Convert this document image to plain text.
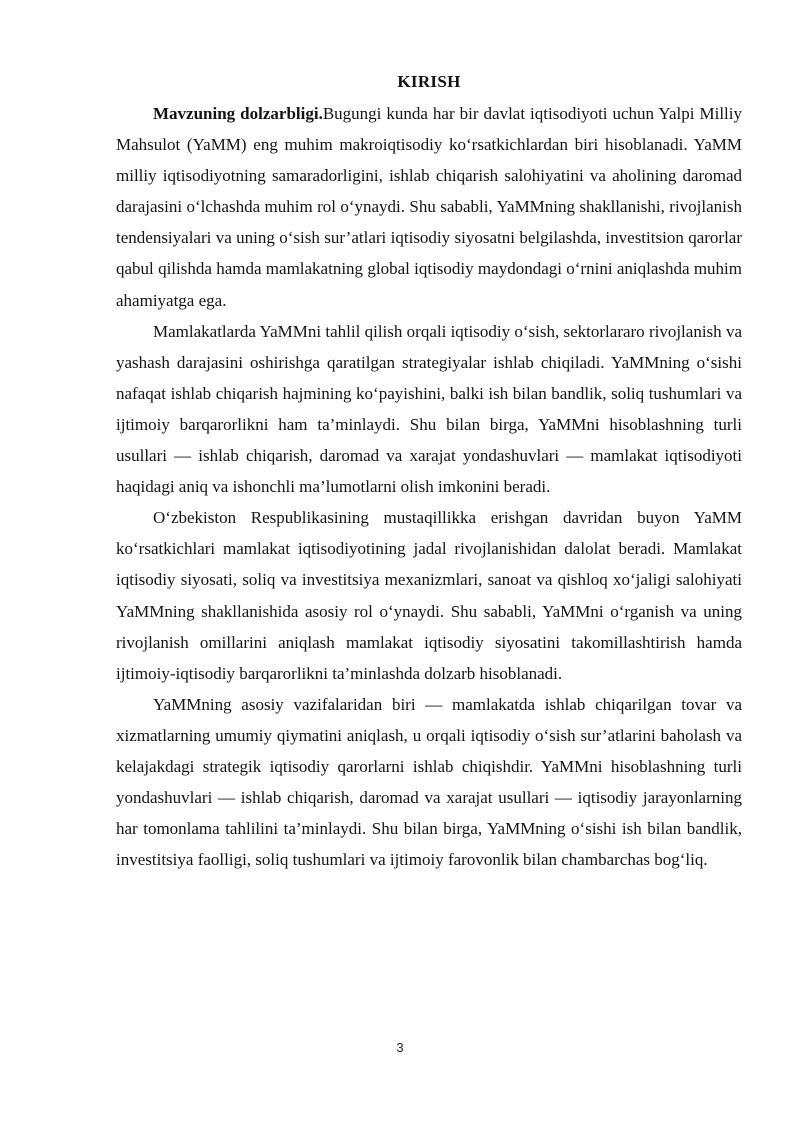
KIRISH

Mavzuning dolzarbligi.Bugungi kunda har bir davlat iqtisodiyoti uchun Yalpi Milliy Mahsulot (YaMM) eng muhim makroiqtisodiy ko‘rsatkichlardan biri hisoblanadi. YaMM milliy iqtisodiyotning samaradorligini, ishlab chiqarish salohiyatini va aholining daromad darajasini o‘lchashda muhim rol o‘ynaydi. Shu sababli, YaMMning shakllanishi, rivojlanish tendensiyalari va uning o‘sish sur’atlari iqtisodiy siyosatni belgilashda, investitsion qarorlar qabul qilishda hamda mamlakatning global iqtisodiy maydondagi o‘rnini aniqlashda muhim ahamiyatga ega.

Mamlakatlarda YaMMni tahlil qilish orqali iqtisodiy o‘sish, sektorlararo rivojlanish va yashash darajasini oshirishga qaratilgan strategiyalar ishlab chiqiladi. YaMMning o‘sishi nafaqat ishlab chiqarish hajmining ko‘payishini, balki ish bilan bandlik, soliq tushumlari va ijtimoiy barqarorlikni ham ta’minlaydi. Shu bilan birga, YaMMni hisoblashning turli usullari — ishlab chiqarish, daromad va xarajat yondashuvlari — mamlakat iqtisodiyoti haqidagi aniq va ishonchli ma’lumotlarni olish imkonini beradi.

O‘zbekiston Respublikasining mustaqillikka erishgan davridan buyon YaMM ko‘rsatkichlari mamlakat iqtisodiyotining jadal rivojlanishidan dalolat beradi. Mamlakat iqtisodiy siyosati, soliq va investitsiya mexanizmlari, sanoat va qishloq xo‘jaligi salohiyati YaMMning shakllanishida asosiy rol o‘ynaydi. Shu sababli, YaMMni o‘rganish va uning rivojlanish omillarini aniqlash mamlakat iqtisodiy siyosatini takomillashtirish hamda ijtimoiy-iqtisodiy barqarorlikni ta’minlashda dolzarb hisoblanadi.

YaMMning asosiy vazifalaridan biri — mamlakatda ishlab chiqarilgan tovar va xizmatlarning umumiy qiymatini aniqlash, u orqali iqtisodiy o‘sish sur’atlarini baholash va kelajakdagi strategik iqtisodiy qarorlarni ishlab chiqishdir. YaMMni hisoblashning turli yondashuvlari — ishlab chiqarish, daromad va xarajat usullari — iqtisodiy jarayonlarning har tomonlama tahlilini ta’minlaydi. Shu bilan birga, YaMMning o‘sishi ish bilan bandlik, investitsiya faolligi, soliq tushumlari va ijtimoiy farovonlik bilan chambarchas bog‘liq.

3
